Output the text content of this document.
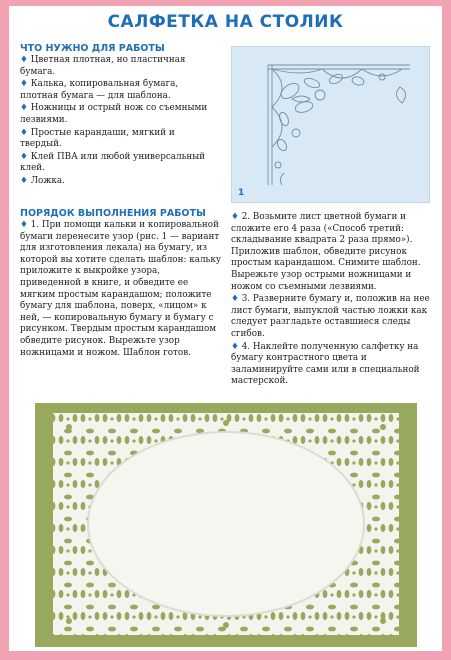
САЛФЕТКА НА СТОЛИК
ЧТО НУЖНО ДЛЯ РАБОТЫ

♦ Цветная плотная, но пластичная бумага.

♦ Калька, копировальная бумага, плотная бумага — для шаблона.

♦ Ножницы и острый нож со съемными лезвиями.

♦ Простые карандаши, мягкий и твердый.

♦ Клей ПВА или любой универсальный клей.

♦ Ложка.

1
ПОРЯДОК ВЫПОЛНЕНИЯ РАБОТЫ

♦ 1. При помощи кальки и копировальной бумаги перенесите узор (рис. 1 — вариант для изготовления лекала) на бумагу, из которой вы хотите сделать шаблон: кальку приложите к выкройке узора, приведенной в книге, и обведите ее мягким простым карандашом; положите бумагу для шаблона, поверх, «лицом» к ней, — копировальную бумагу и бумагу с рисунком. Твердым простым карандашом обведите рисунок. Вырежьте узор ножницами и ножом. Шаблон готов.

♦ 2. Возьмите лист цветной бумаги и сложите его 4 раза («Способ третий: складывание квадрата 2 раза прямо»). Приложив шаблон, обведите рисунок простым карандашом. Снимите шаблон. Вырежьте узор острыми ножницами и ножом со съемными лезвиями.

♦ 3. Разверните бумагу и, положив на нее лист бумаги, выпуклой частью ложки как следует разгладьте оставшиеся следы сгибов.

♦ 4. Наклейте полученную салфетку на бумагу контрастного цвета и заламинируйте сами или в специальной мастерской.
